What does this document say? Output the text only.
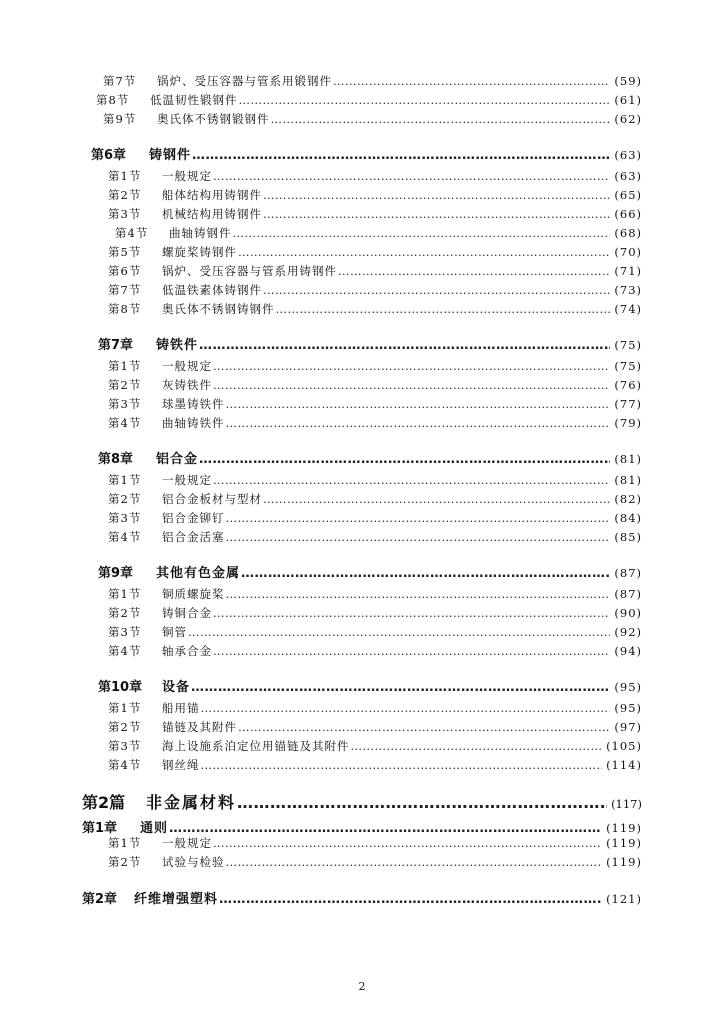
第7节	锅炉、受压容器与管系用锻钢件 ………………………………………………………………………………………………………………………………………………………………………………………………………………	(59)
第8节	低温韧性锻钢件 ………………………………………………………………………………………………………………………………………………………………………………………………………………	(61)
第9节	奥氏体不锈钢锻钢件 ………………………………………………………………………………………………………………………………………………………………………………………………………………	(62)
第6章	铸钢件 ………………………………………………………………………………………………………………………………………………………………………………………………………………	(63)
第1节	一般规定 ………………………………………………………………………………………………………………………………………………………………………………………………………………	(63)
第2节	船体结构用铸钢件 ………………………………………………………………………………………………………………………………………………………………………………………………………………	(65)
第3节	机械结构用铸钢件 ………………………………………………………………………………………………………………………………………………………………………………………………………………	(66)
第4节	曲轴铸钢件 ………………………………………………………………………………………………………………………………………………………………………………………………………………	(68)
第5节	螺旋桨铸钢件 ………………………………………………………………………………………………………………………………………………………………………………………………………………	(70)
第6节	锅炉、受压容器与管系用铸钢件 ………………………………………………………………………………………………………………………………………………………………………………………………………………	(71)
第7节	低温铁素体铸钢件 ………………………………………………………………………………………………………………………………………………………………………………………………………………	(73)
第8节	奥氏体不锈钢铸钢件 ………………………………………………………………………………………………………………………………………………………………………………………………………………	(74)
第7章	铸铁件 ………………………………………………………………………………………………………………………………………………………………………………………………………………	(75)
第1节	一般规定 ………………………………………………………………………………………………………………………………………………………………………………………………………………	(75)
第2节	灰铸铁件 ………………………………………………………………………………………………………………………………………………………………………………………………………………	(76)
第3节	球墨铸铁件 ………………………………………………………………………………………………………………………………………………………………………………………………………………	(77)
第4节	曲轴铸铁件 ………………………………………………………………………………………………………………………………………………………………………………………………………………	(79)
第8章	铝合金 ………………………………………………………………………………………………………………………………………………………………………………………………………………	(81)
第1节	一般规定 ………………………………………………………………………………………………………………………………………………………………………………………………………………	(81)
第2节	铝合金板材与型材 ………………………………………………………………………………………………………………………………………………………………………………………………………………	(82)
第3节	铝合金铆钉 ………………………………………………………………………………………………………………………………………………………………………………………………………………	(84)
第4节	铝合金活塞 ………………………………………………………………………………………………………………………………………………………………………………………………………………	(85)
第9章	其他有色金属 ………………………………………………………………………………………………………………………………………………………………………………………………………………	(87)
第1节	铜质螺旋桨 ………………………………………………………………………………………………………………………………………………………………………………………………………………	(87)
第2节	铸铜合金 ………………………………………………………………………………………………………………………………………………………………………………………………………………	(90)
第3节	铜管 ………………………………………………………………………………………………………………………………………………………………………………………………………………	(92)
第4节	轴承合金 ………………………………………………………………………………………………………………………………………………………………………………………………………………	(94)
第10章	设备 ………………………………………………………………………………………………………………………………………………………………………………………………………………	(95)
第1节	船用锚 ………………………………………………………………………………………………………………………………………………………………………………………………………………	(95)
第2节	锚链及其附件 ………………………………………………………………………………………………………………………………………………………………………………………………………………	(97)
第3节	海上设施系泊定位用锚链及其附件 ………………………………………………………………………………………………………………………………………………………………………………………………………………	(105)
第4节	钢丝绳 ………………………………………………………………………………………………………………………………………………………………………………………………………………	(114)
第2篇	非金属材料 ………………………………………………………………………………………………………………………………………………………………………………………………………………	(117)
第1章	通则 ………………………………………………………………………………………………………………………………………………………………………………………………………………	(119)
第1节	一般规定 ………………………………………………………………………………………………………………………………………………………………………………………………………………	(119)
第2节	试验与检验 ………………………………………………………………………………………………………………………………………………………………………………………………………………	(119)
第2章	纤维增强塑料 ………………………………………………………………………………………………………………………………………………………………………………………………………………	(121)
2
